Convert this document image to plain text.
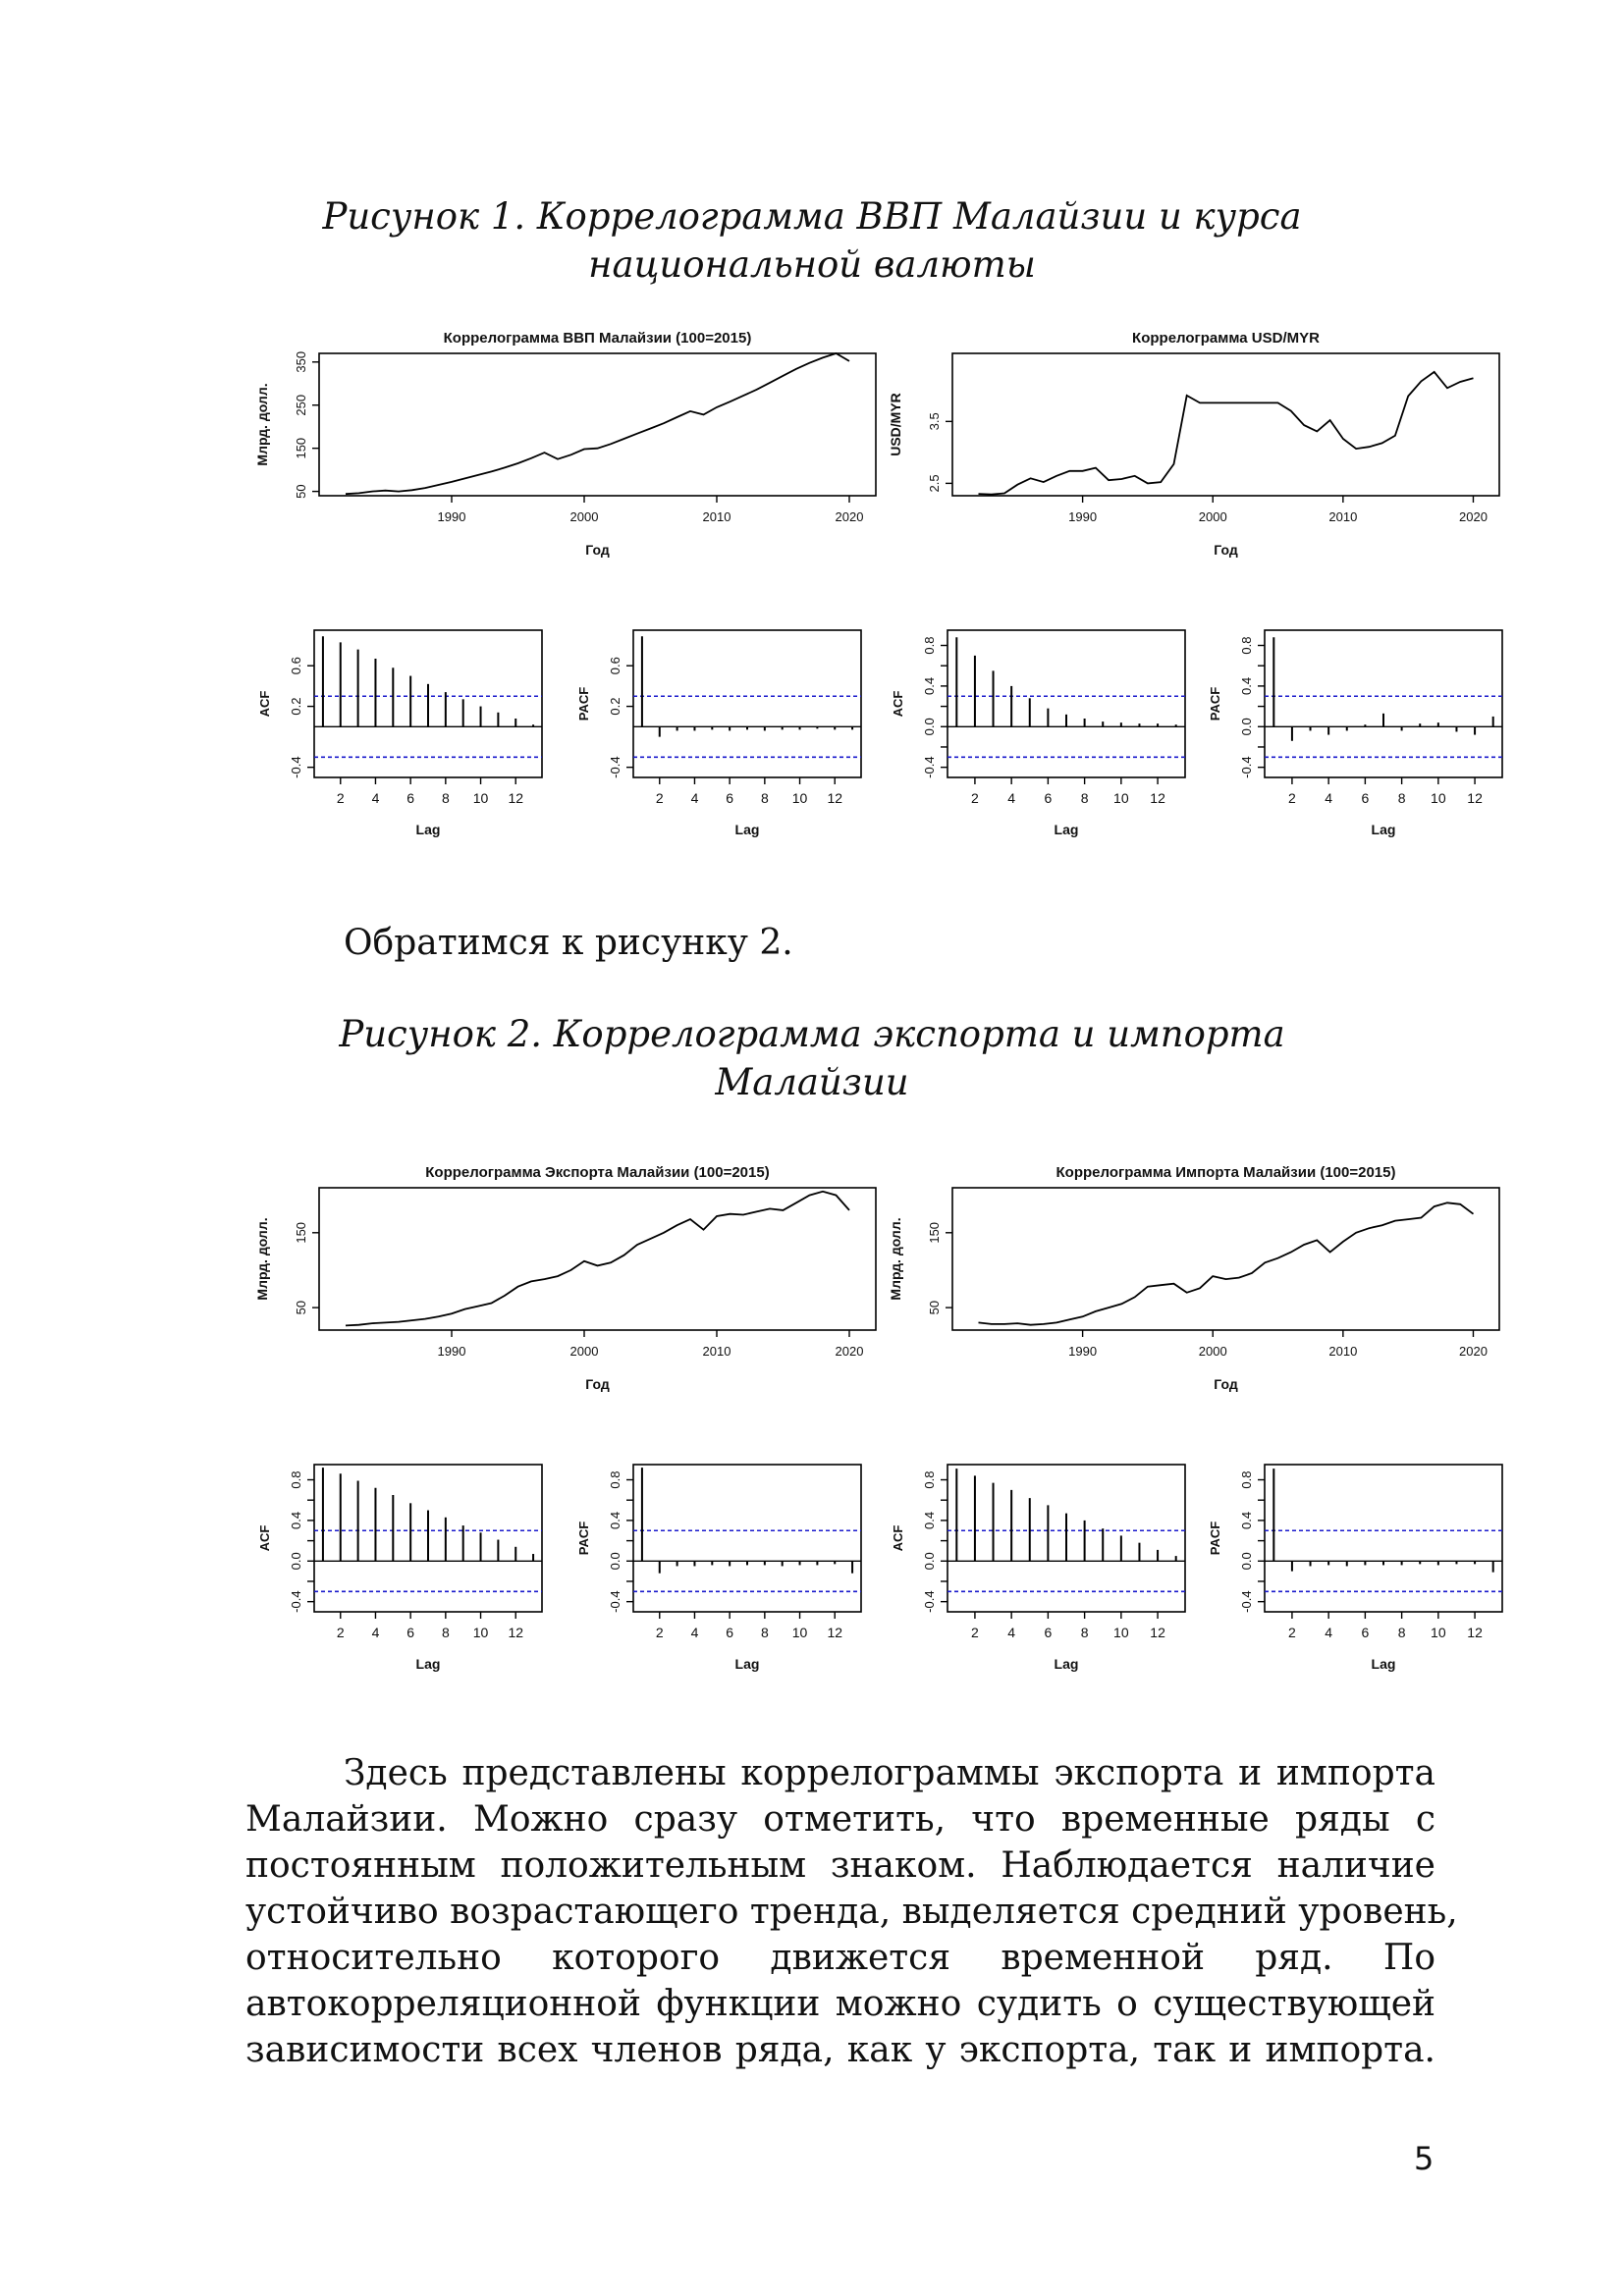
Рисунок 1. Коррелограмма ВВП Малайзии и курса
национальной валюты

Коррелограмма ВВП Малайзии (100=2015)
1990	2000	2010	2020
50
150
250
350
Год
Млрд. долл.
Коррелограмма USD/MYR
1990	2000	2010	2020
2.5
3.5
Год
USD/MYR
2 4 6 8 10 12
-0.4
0.2
0.6
Lag
ACF
2 4 6 8 10 12
-0.4
0.2
0.6
Lag
PACF
2 4 6 8 10 12
-0.4
0.0
0.4
0.8
Lag
ACF
2 4 6 8 10 12
-0.4
0.0
0.4
0.8
Lag
PACF

Обратимся к рисунку 2.

Рисунок 2. Коррелограмма экспорта и импорта
Малайзии

Коррелограмма Экспорта Малайзии (100=2015)
1990	2000	2010	2020
50
150
Год
Млрд. долл.
Коррелограмма Импорта Малайзии (100=2015)
1990	2000	2010	2020
50
150
Год
Млрд. долл.
2 4 6 8 10 12
-0.4
0.0
0.4
0.8
Lag
ACF
2 4 6 8 10 12
-0.4
0.0
0.4
0.8
Lag
PACF
2 4 6 8 10 12
-0.4
0.0
0.4
0.8
Lag
ACF
2 4 6 8 10 12
-0.4
0.0
0.4
0.8
Lag
PACF
Здесь представлены коррелограммы экспорта и импорта
Малайзии. Можно сразу отметить, что временные ряды с
постоянным положительным знаком. Наблюдается наличие
устойчиво возрастающего тренда, выделяется средний уровень,
относительно которого движется временной ряд. По
автокорреляционной функции можно судить о существующей
зависимости всех членов ряда, как у экспорта, так и импорта.
5
